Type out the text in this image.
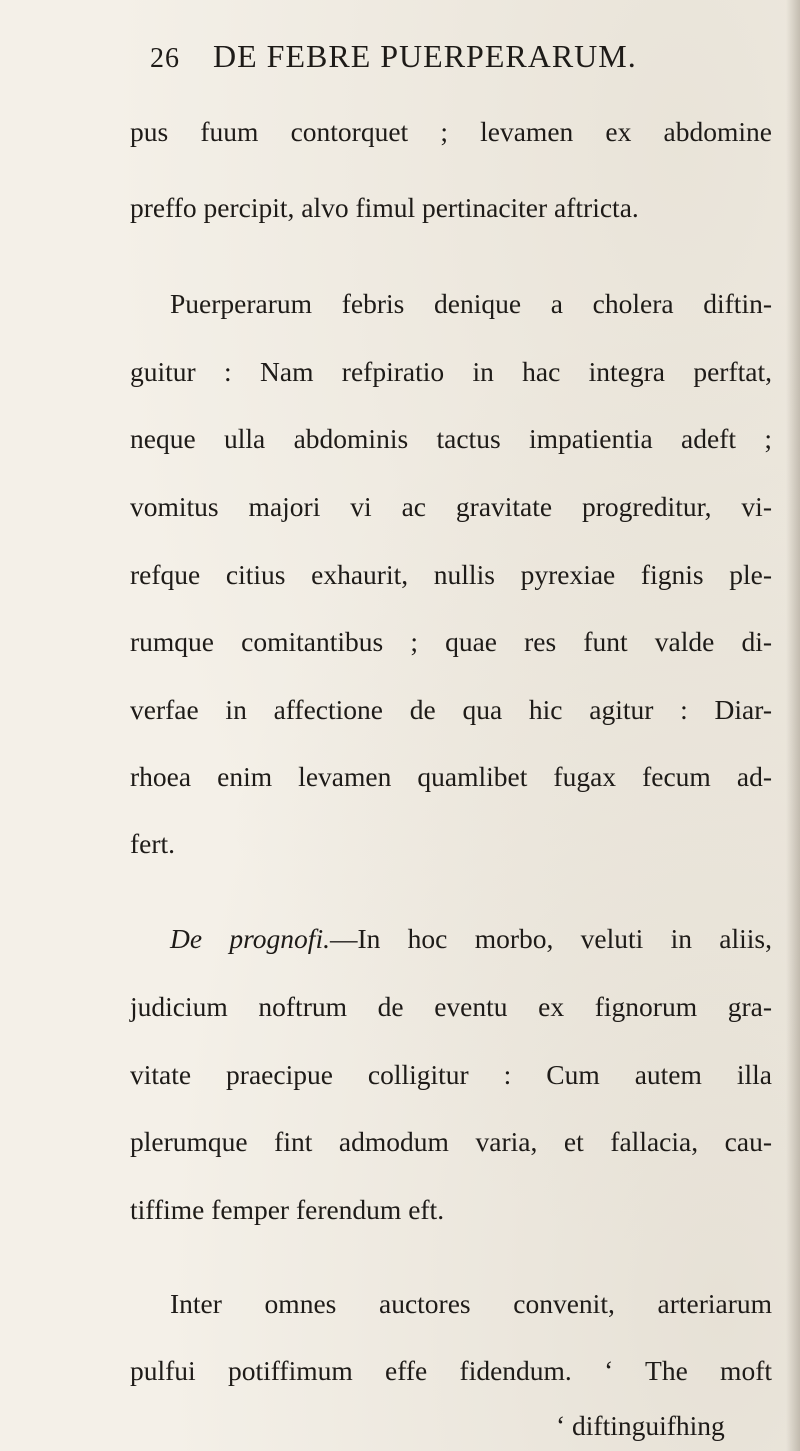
26 DE FEBRE PUERPERARUM.
pus fuum contorquet ; levamen ex abdomine
preffo percipit, alvo fimul pertinaciter aftricta.
Puerperarum febris denique a cholera diftin-
guitur : Nam refpiratio in hac integra perftat,
neque ulla abdominis tactus impatientia adeft ;
vomitus majori vi ac gravitate progreditur, vi-
refque citius exhaurit, nullis pyrexiae fignis ple-
rumque comitantibus ; quae res funt valde di-
verfae in affectione de qua hic agitur : Diar-
rhoea enim levamen quamlibet fugax fecum ad-
fert.
De prognofi.—In hoc morbo, veluti in aliis,
judicium noftrum de eventu ex fignorum gra-
vitate praecipue colligitur : Cum autem illa
plerumque fint admodum varia, et fallacia, cau-
tiffime femper ferendum eft.
Inter omnes auctores convenit, arteriarum
pulfui potiffimum effe fidendum. ‘ The moft
‘ diftinguifhing
